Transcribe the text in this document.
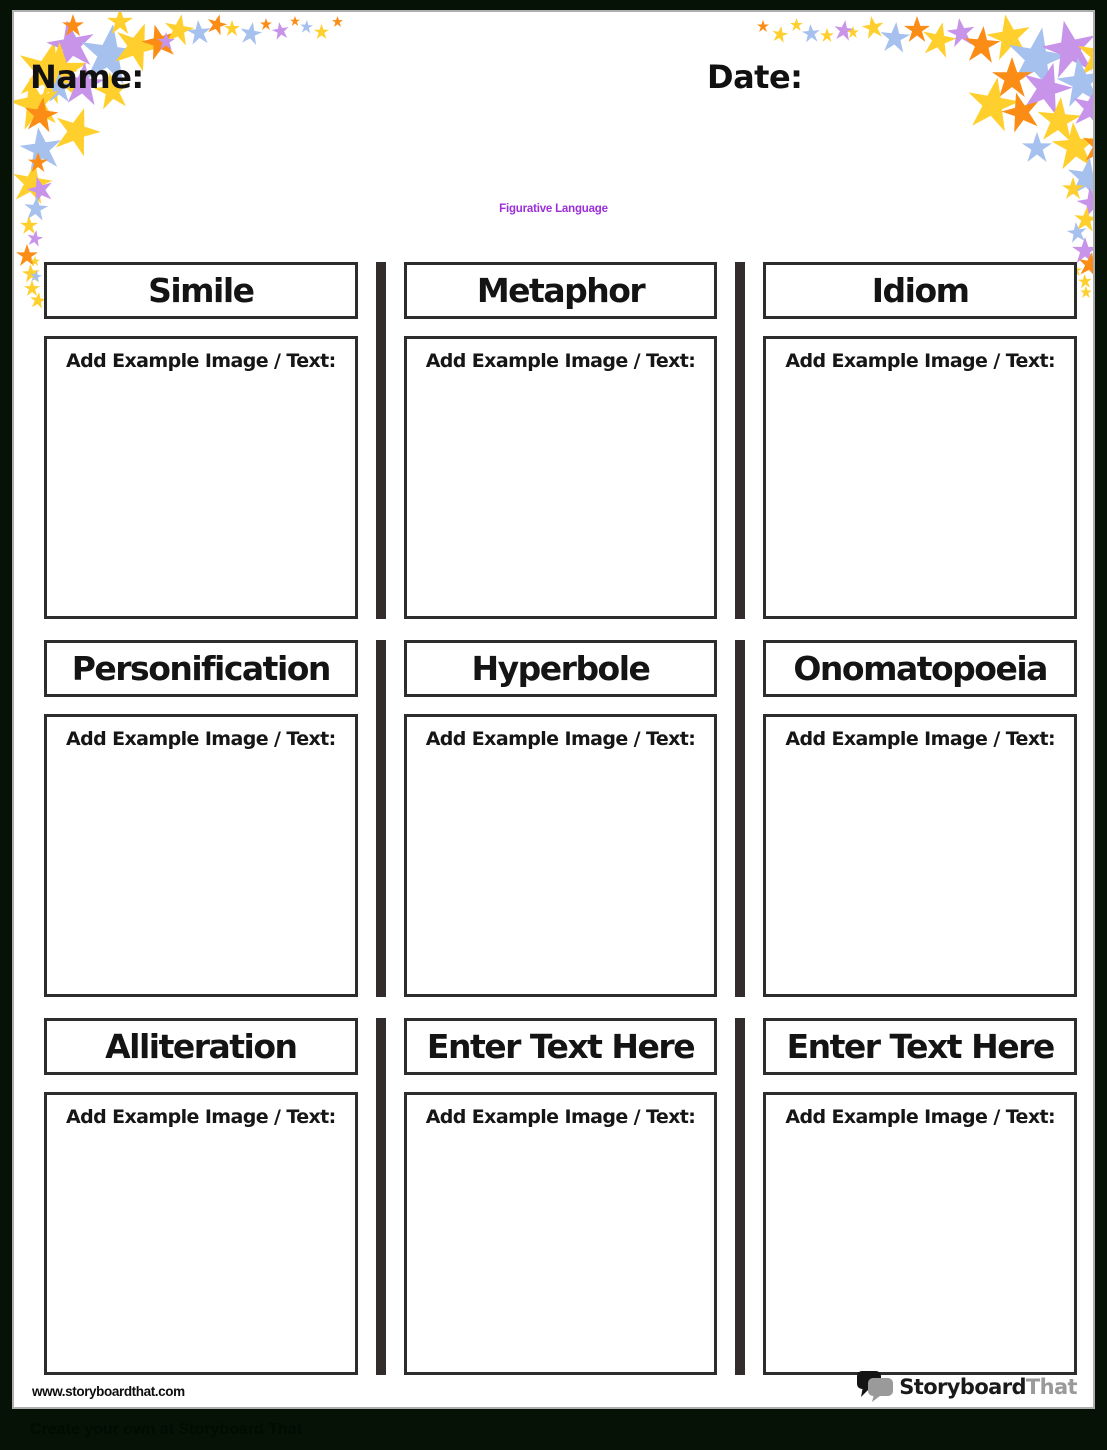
Name:	Date:
Figurative Language
Simile
Add Example Image / Text:
Metaphor
Add Example Image / Text:
Idiom
Add Example Image / Text:
Personification
Add Example Image / Text:
Hyperbole
Add Example Image / Text:
Onomatopoeia
Add Example Image / Text:
Alliteration
Add Example Image / Text:
Enter Text Here
Add Example Image / Text:
Enter Text Here
Add Example Image / Text:
www.storyboardthat.com	StoryboardThat
Create your own at Storyboard That
